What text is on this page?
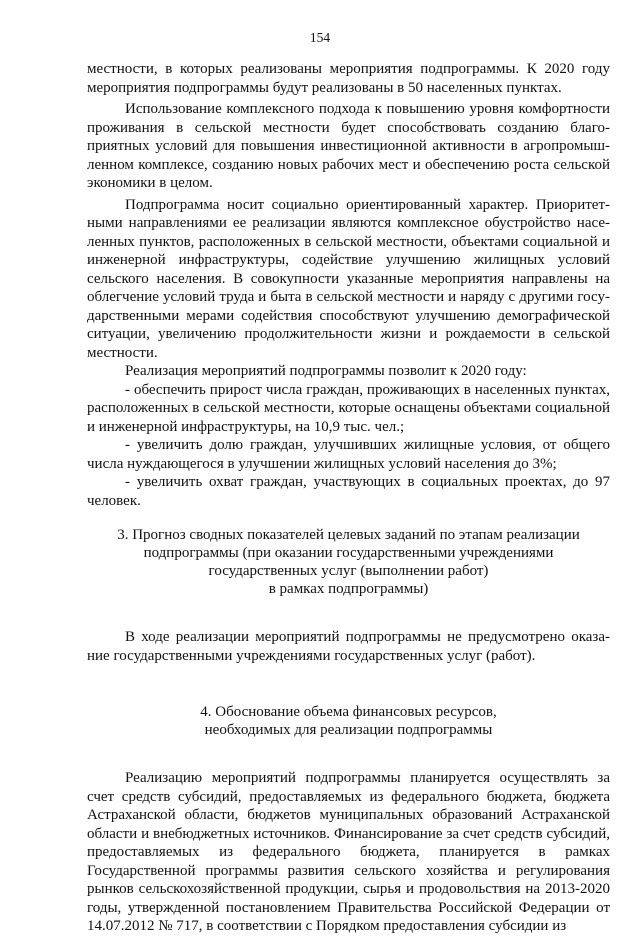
154

местности, в которых реализованы мероприятия подпрограммы. К 2020 году мероприятия подпрограммы будут реализованы в 50 населенных пунктах.

Использование комплексного подхода к повышению уровня комфортности проживания в сельской местности будет способствовать созданию благоприятных условий для повышения инвестиционной активности в агропромышленном комплексе, созданию новых рабочих мест и обеспечению роста сельской экономики в целом.

Подпрограмма носит социально ориентированный характер. Приоритетными направлениями ее реализации являются комплексное обустройство населенных пунктов, расположенных в сельской местности, объектами социальной и инженерной инфраструктуры, содействие улучшению жилищных условий сельского населения. В совокупности указанные мероприятия направлены на облегчение условий труда и быта в сельской местности и наряду с другими государственными мерами содействия способствуют улучшению демографической ситуации, увеличению продолжительности жизни и рождаемости в сельской местности.

Реализация мероприятий подпрограммы позволит к 2020 году:

- обеспечить прирост числа граждан, проживающих в населенных пунктах, расположенных в сельской местности, которые оснащены объектами социальной и инженерной инфраструктуры, на 10,9 тыс. чел.;

- увеличить долю граждан, улучшивших жилищные условия, от общего числа нуждающегося в улучшении жилищных условий населения до 3%;

- увеличить охват граждан, участвующих в социальных проектах, до 97 человек.

3. Прогноз сводных показателей целевых заданий по этапам реализации
подпрограммы (при оказании государственными учреждениями
государственных услуг (выполнении работ)
в рамках подпрограммы)

В ходе реализации мероприятий подпрограммы не предусмотрено оказание государственными учреждениями государственных услуг (работ).

4. Обоснование объема финансовых ресурсов,
необходимых для реализации подпрограммы

Реализацию мероприятий подпрограммы планируется осуществлять за счет средств субсидий, предоставляемых из федерального бюджета, бюджета Астраханской области, бюджетов муниципальных образований Астраханской области и внебюджетных источников. Финансирование за счет средств субсидий, предоставляемых из федерального бюджета, планируется в рамках Государственной программы развития сельского хозяйства и регулирования рынков сельскохозяйственной продукции, сырья и продовольствия на 2013-2020 годы, утвержденной постановлением Правительства Российской Федерации от 14.07.2012 № 717, в соответствии с Порядком предоставления субсидии из
